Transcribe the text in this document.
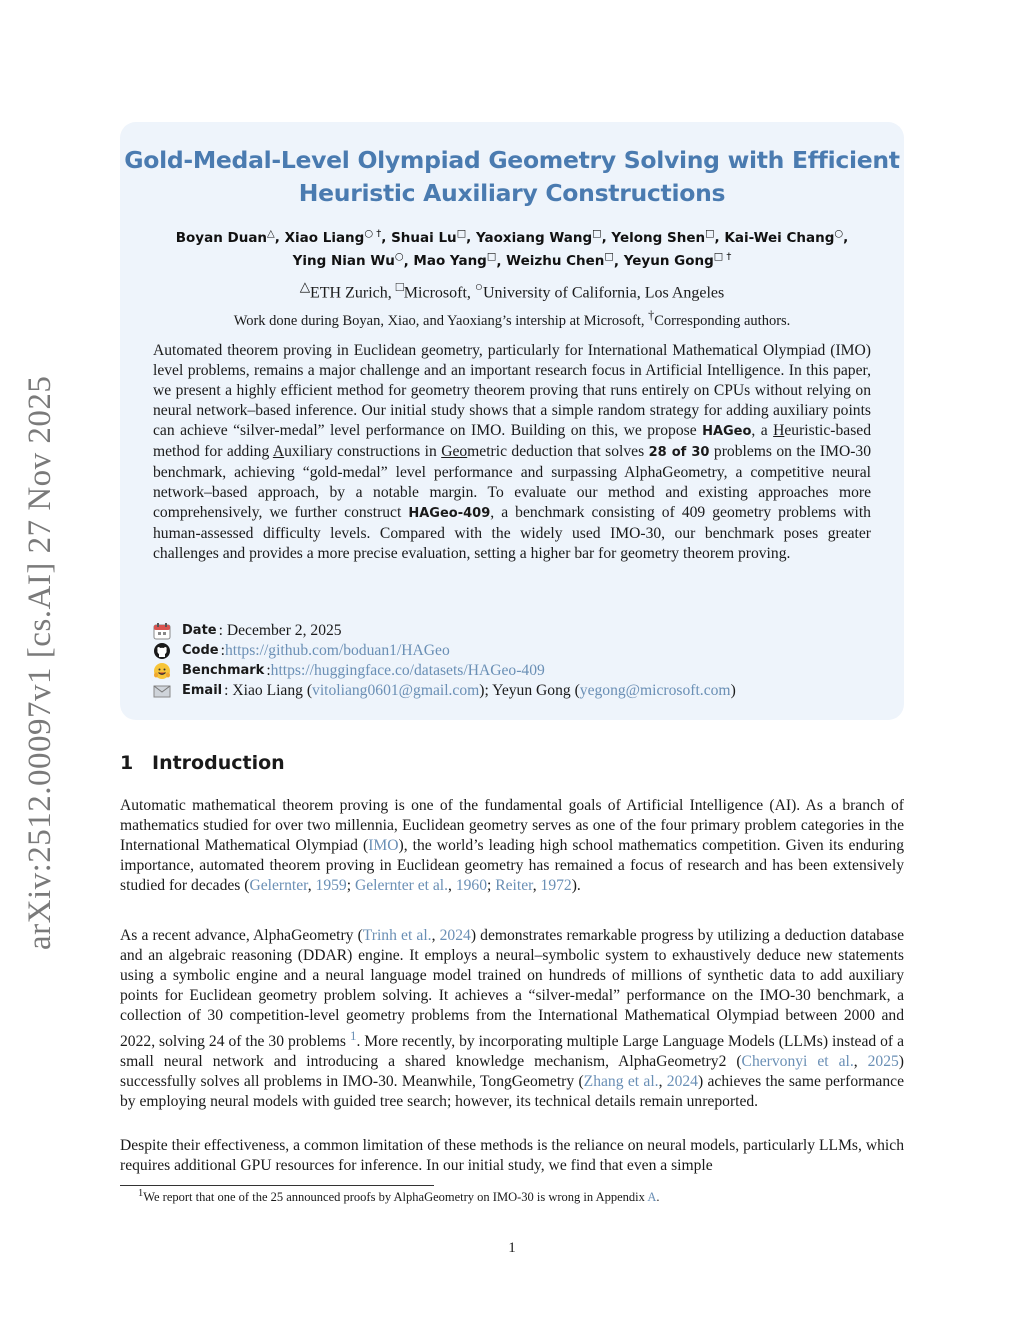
arXiv:2512.00097v1 [cs.AI] 27 Nov 2025
Gold-Medal-Level Olympiad Geometry Solving with Efficient
Heuristic Auxiliary Constructions
Boyan Duan△, Xiao Liang○ †, Shuai Lu□, Yaoxiang Wang□, Yelong Shen□, Kai-Wei Chang○,
Ying Nian Wu○, Mao Yang□, Weizhu Chen□, Yeyun Gong□ †
△ETH Zurich, □Microsoft, ○University of California, Los Angeles
Work done during Boyan, Xiao, and Yaoxiang’s intership at Microsoft, †Corresponding authors.
Automated theorem proving in Euclidean geometry, particularly for International Mathematical Olympiad (IMO) level problems, remains a major challenge and an important research focus in Artificial Intelligence. In this paper, we present a highly efficient method for geometry theorem proving that runs entirely on CPUs without relying on neural network–based inference. Our initial study shows that a simple random strategy for adding auxiliary points can achieve “silver-medal” level performance on IMO. Building on this, we propose HAGeo, a Heuristic-based method for adding Auxiliary constructions in Geometric deduction that solves 28 of 30 problems on the IMO-30 benchmark, achieving “gold-medal” level performance and surpassing AlphaGeometry, a competitive neural network–based approach, by a notable margin. To evaluate our method and existing approaches more comprehensively, we further construct HAGeo-409, a benchmark consisting of 409 geometry problems with human-assessed difficulty levels. Compared with the widely used IMO-30, our benchmark poses greater challenges and provides a more precise evaluation, setting a higher bar for geometry theorem proving.
Date : December 2, 2025
Code : https://github.com/boduan1/HAGeo
Benchmark : https://huggingface.co/datasets/HAGeo-409
Email : Xiao Liang ( vitoliang0601@gmail.com ); Yeyun Gong ( yegong@microsoft.com )
1 Introduction
Automatic mathematical theorem proving is one of the fundamental goals of Artificial Intelligence (AI). As a branch of mathematics studied for over two millennia, Euclidean geometry serves as one of the four primary problem categories in the International Mathematical Olympiad (IMO), the world’s leading high school mathematics competition. Given its enduring importance, automated theorem proving in Euclidean geometry has remained a focus of research and has been extensively studied for decades (Gelernter, 1959; Gelernter et al., 1960; Reiter, 1972).
As a recent advance, AlphaGeometry (Trinh et al., 2024) demonstrates remarkable progress by utilizing a deduction database and an algebraic reasoning (DDAR) engine. It employs a neural–symbolic system to exhaustively deduce new statements using a symbolic engine and a neural language model trained on hundreds of millions of synthetic data to add auxiliary points for Euclidean geometry problem solving. It achieves a “silver-medal” performance on the IMO-30 benchmark, a collection of 30 competition-level geometry problems from the International Mathematical Olympiad between 2000 and 2022, solving 24 of the 30 problems $^1$. More recently, by incorporating multiple Large Language Models (LLMs) instead of a small neural network and introducing a shared knowledge mechanism, AlphaGeometry2 (Chervonyi et al., 2025) successfully solves all problems in IMO-30. Meanwhile, TongGeometry (Zhang et al., 2024) achieves the same performance by employing neural models with guided tree search; however, its technical details remain unreported.
Despite their effectiveness, a common limitation of these methods is the reliance on neural models, particularly LLMs, which requires additional GPU resources for inference. In our initial study, we find that even a simple
$^1$We report that one of the 25 announced proofs by AlphaGeometry on IMO-30 is wrong in Appendix A.
1
